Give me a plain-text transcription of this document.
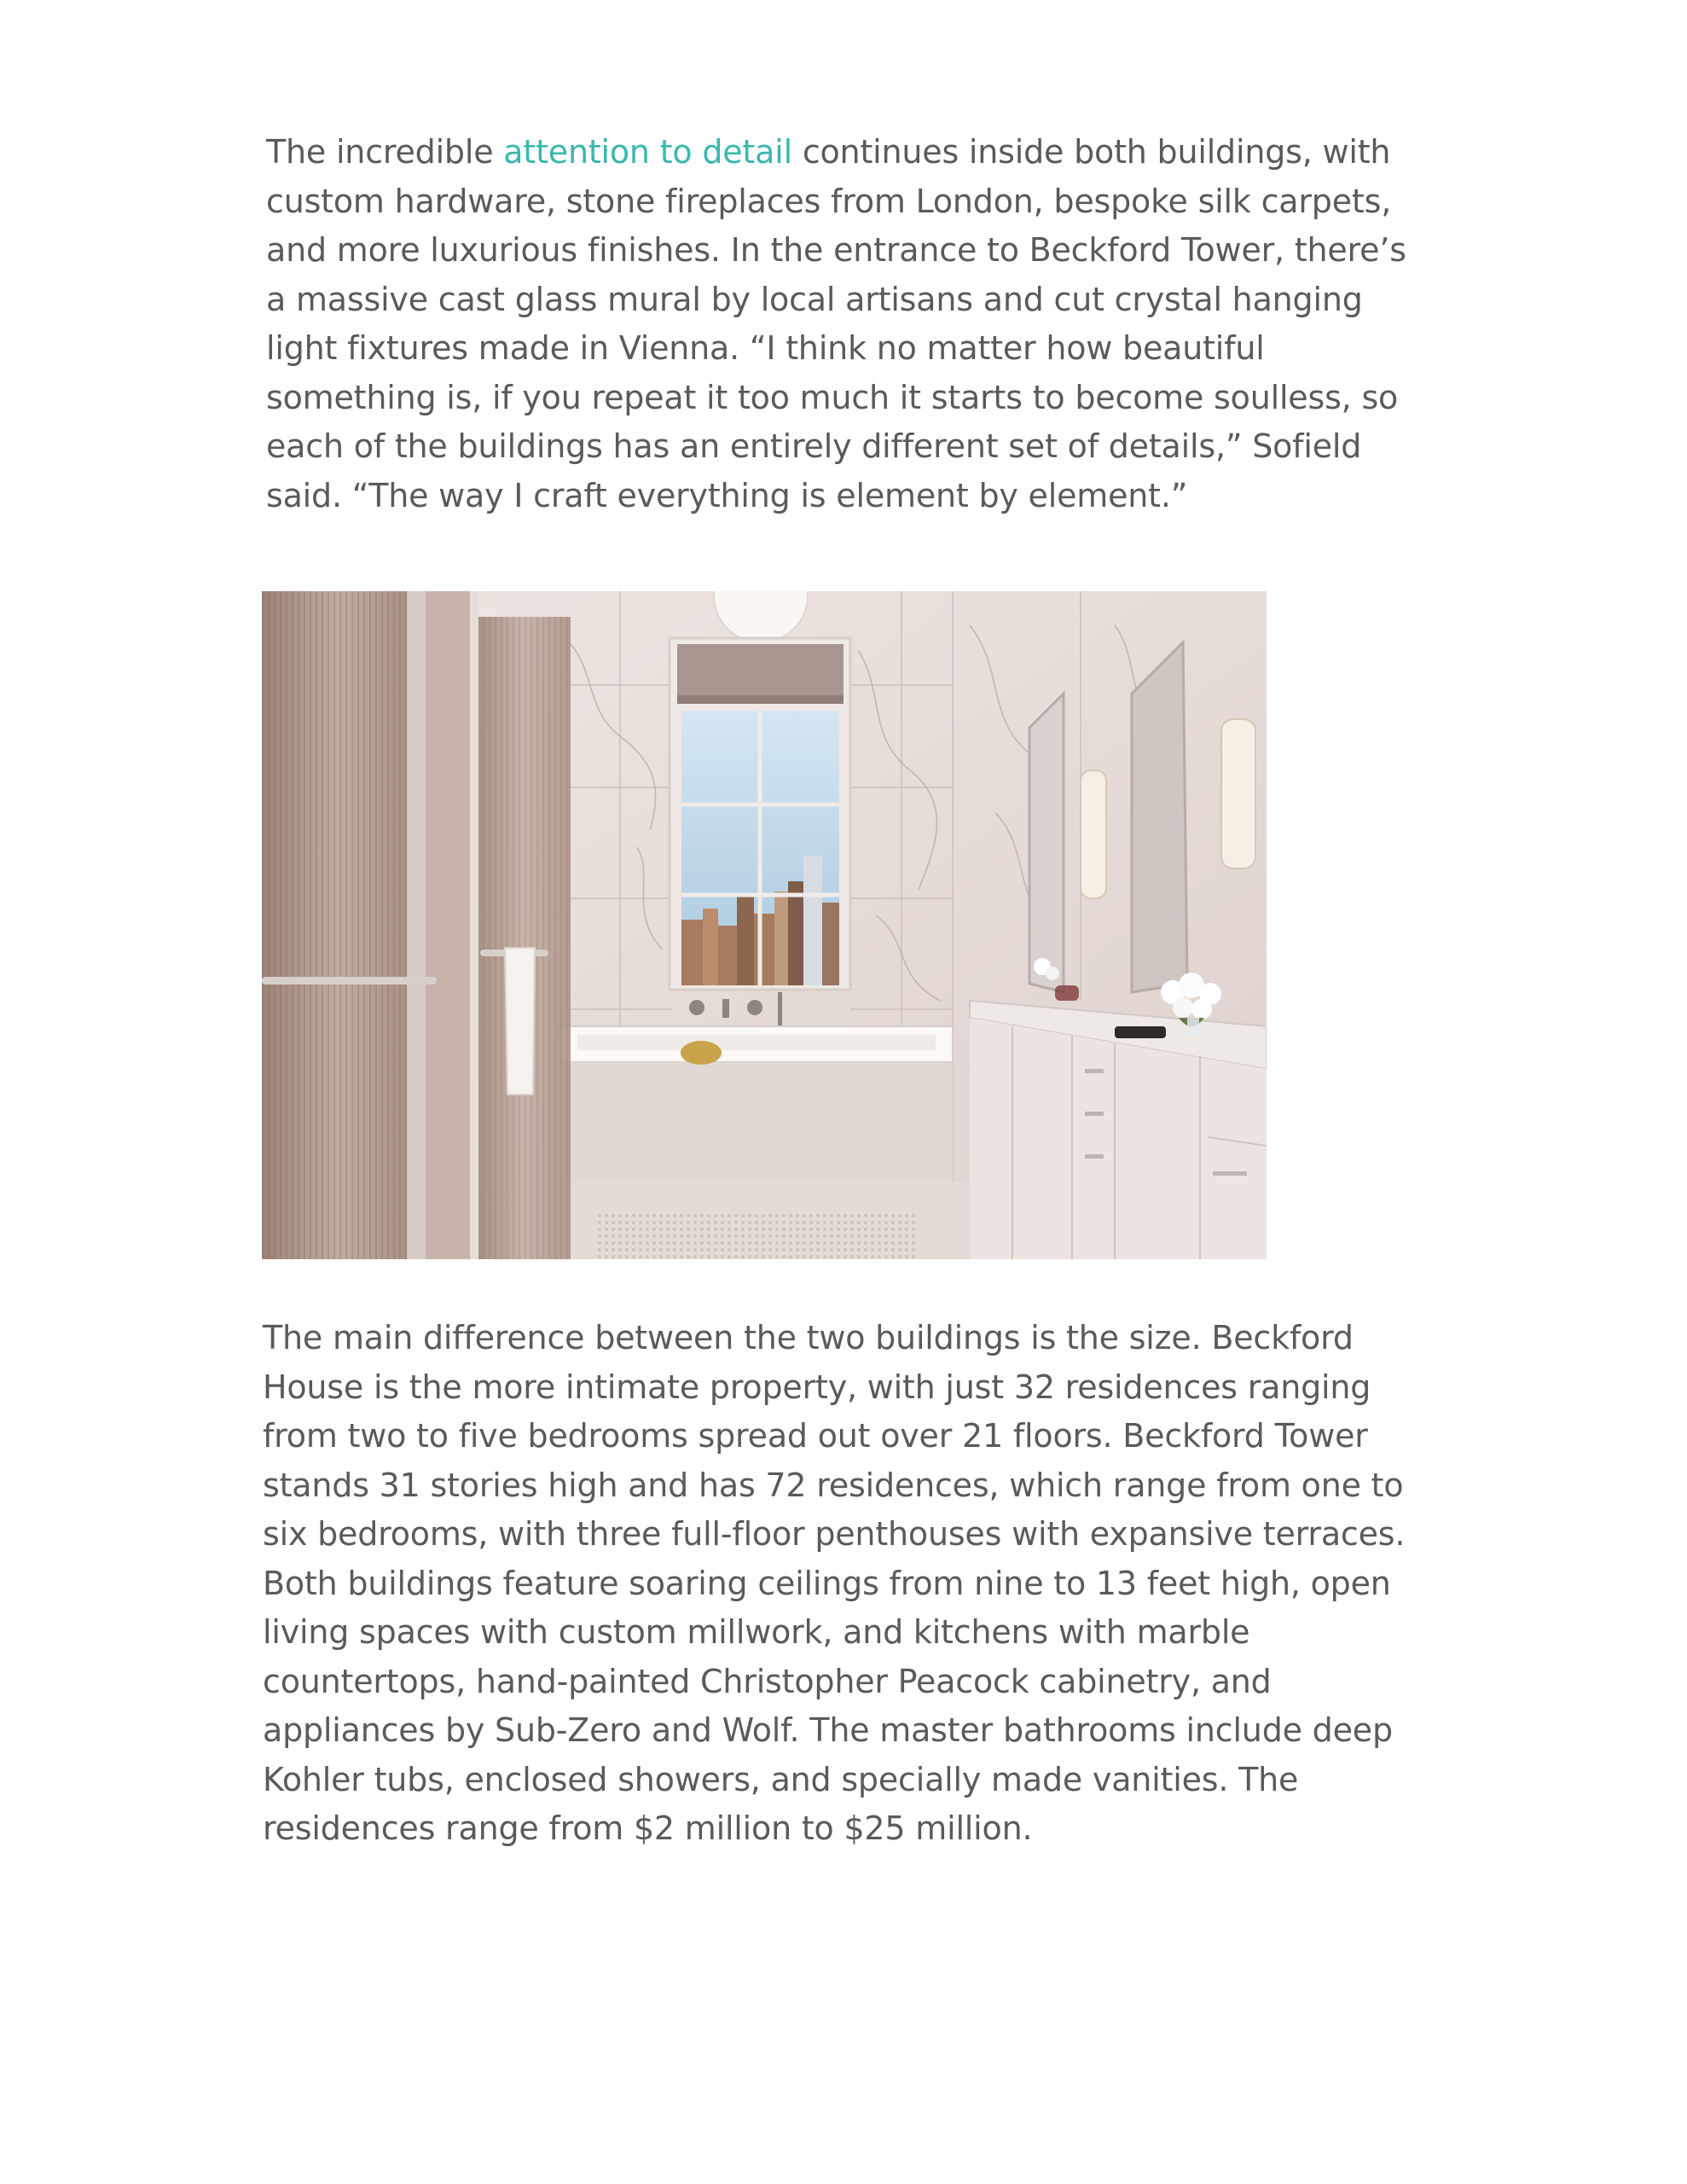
The incredible attention to detail continues inside both buildings, with
custom hardware, stone fireplaces from London, bespoke silk carpets,
and more luxurious finishes. In the entrance to Beckford Tower, there’s
a massive cast glass mural by local artisans and cut crystal hanging
light fixtures made in Vienna. “I think no matter how beautiful
something is, if you repeat it too much it starts to become soulless, so
each of the buildings has an entirely different set of details,” Sofield
said. “The way I craft everything is element by element.”

The main difference between the two buildings is the size. Beckford
House is the more intimate property, with just 32 residences ranging
from two to five bedrooms spread out over 21 floors. Beckford Tower
stands 31 stories high and has 72 residences, which range from one to
six bedrooms, with three full-floor penthouses with expansive terraces.
Both buildings feature soaring ceilings from nine to 13 feet high, open
living spaces with custom millwork, and kitchens with marble
countertops, hand-painted Christopher Peacock cabinetry, and
appliances by Sub-Zero and Wolf. The master bathrooms include deep
Kohler tubs, enclosed showers, and specially made vanities. The
residences range from $2 million to $25 million.
